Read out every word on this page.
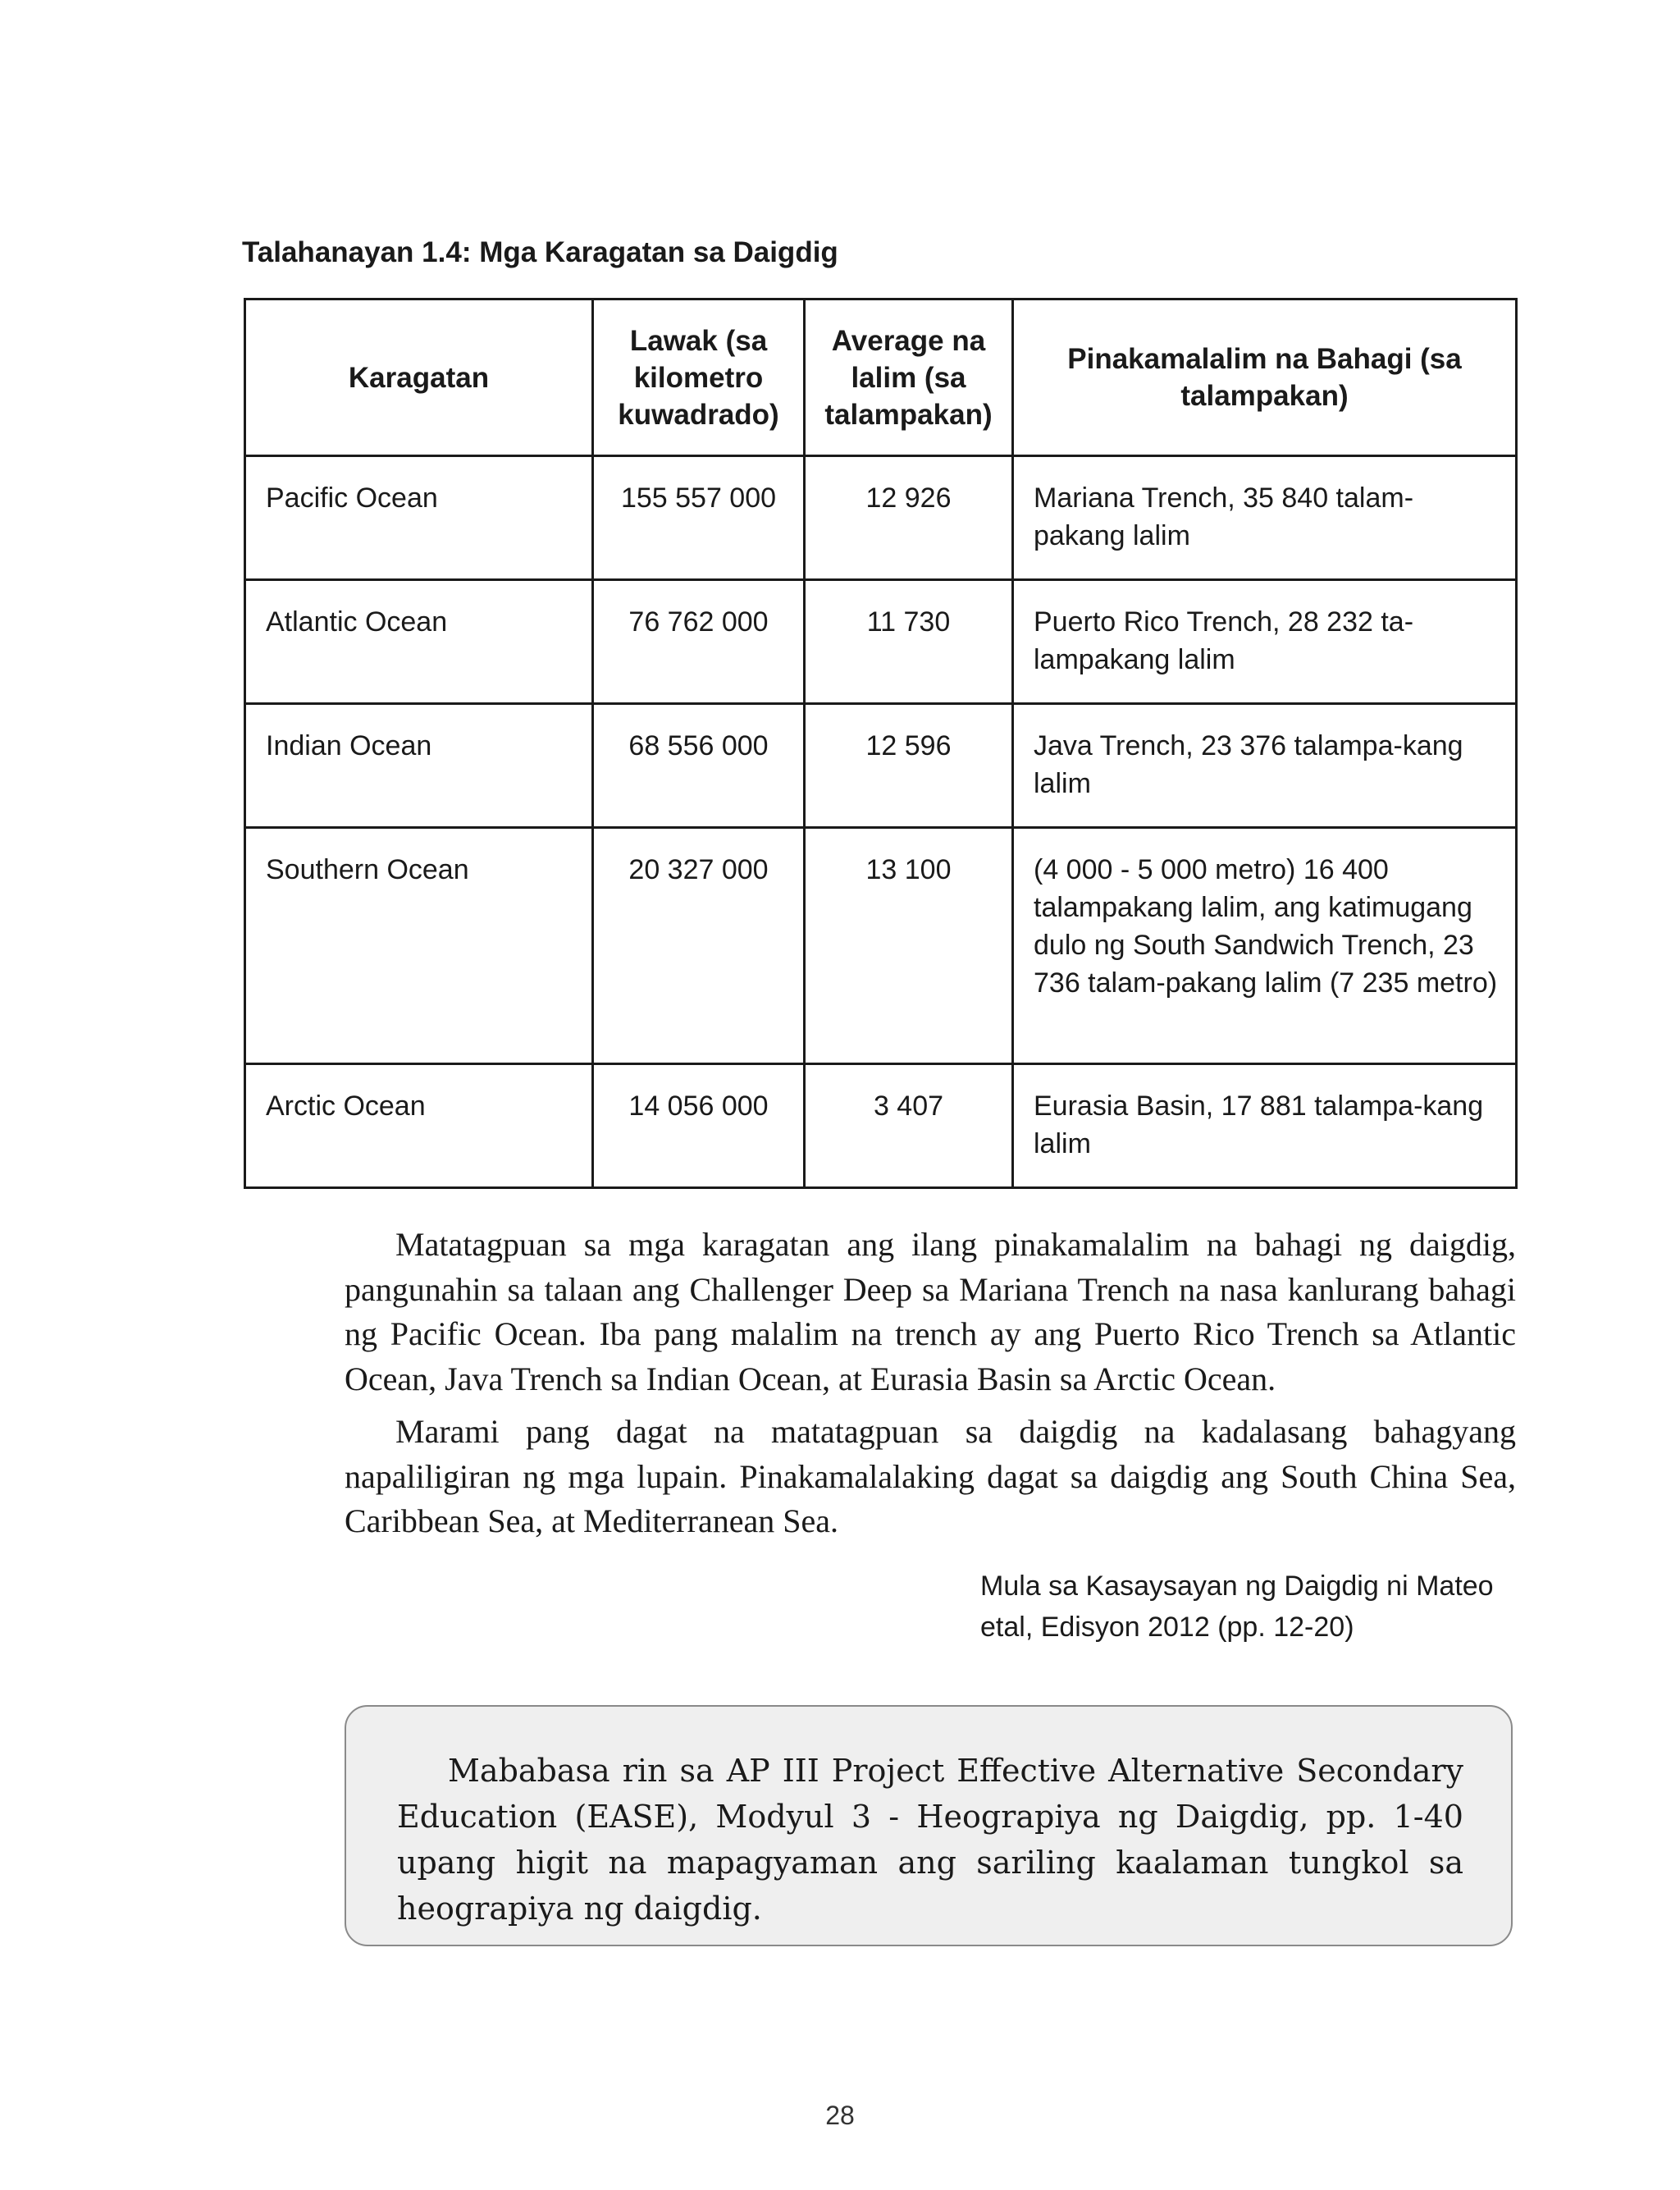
Talahanayan 1.4: Mga Karagatan sa Daigdig
Karagatan	Lawak (sa kilometro kuwadrado)	Average na lalim (sa talampakan)	Pinakamalalim na Bahagi (sa talampakan)
Pacific Ocean	155 557 000	12 926	Mariana Trench, 35 840 talam-pakang lalim
Atlantic Ocean	76 762 000	11 730	Puerto Rico Trench, 28 232 ta-lampakang lalim
Indian Ocean	68 556 000	12 596	Java Trench, 23 376 talampa-kang lalim
Southern Ocean	20 327 000	13 100	(4 000 - 5 000 metro) 16 400 talampakang lalim, ang katimugang dulo ng South Sandwich Trench, 23 736 talam-pakang lalim (7 235 metro)
Arctic Ocean	14 056 000	3 407	Eurasia Basin, 17 881 talampa-kang lalim

Matatagpuan sa mga karagatan ang ilang pinakamalalim na bahagi ng daigdig, pangunahin sa talaan ang Challenger Deep sa Mariana Trench na nasa kanlurang bahagi ng Pacific Ocean. Iba pang malalim na trench ay ang Puerto Rico Trench sa Atlantic Ocean, Java Trench sa Indian Ocean, at Eurasia Basin sa Arctic Ocean.

Marami pang dagat na matatagpuan sa daigdig na kadalasang bahagyang napaliligiran ng mga lupain. Pinakamalalaking dagat sa daigdig ang South China Sea, Caribbean Sea, at Mediterranean Sea.

Mula sa Kasaysayan ng Daigdig ni Mateo etal, Edisyon 2012 (pp. 12-20)

Mababasa rin sa AP III Project Effective Alternative Secondary Education (EASE), Modyul 3 - Heograpiya ng Daigdig, pp. 1-40 upang higit na mapagyaman ang sariling kaalaman tungkol sa heograpiya ng daigdig.

28
